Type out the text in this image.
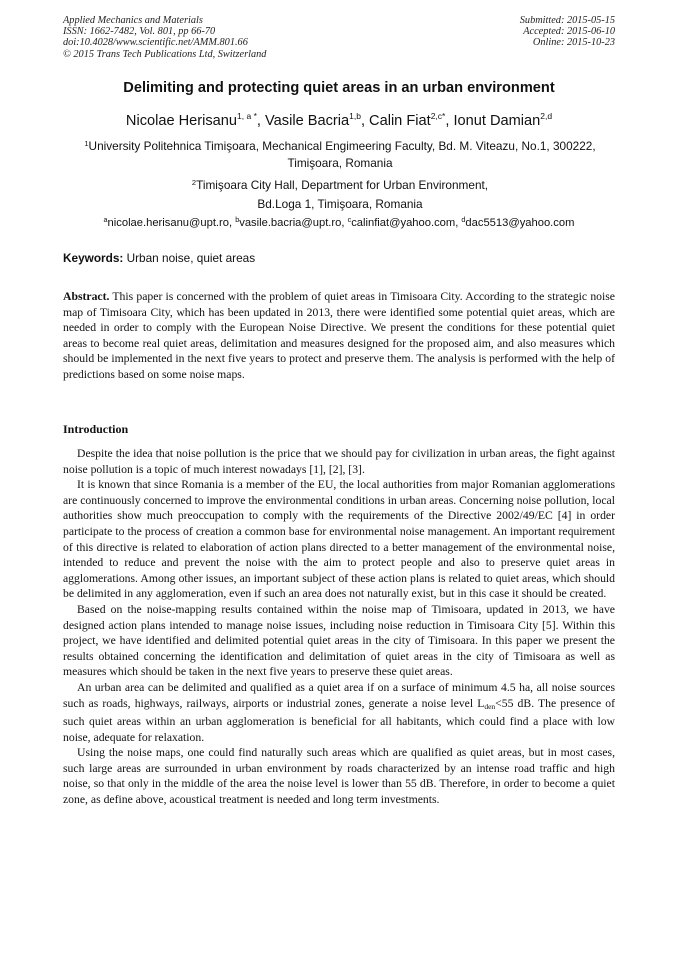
Applied Mechanics and Materials
ISSN: 1662-7482, Vol. 801, pp 66-70
doi:10.4028/www.scientific.net/AMM.801.66
© 2015 Trans Tech Publications Ltd, Switzerland
Submitted: 2015-05-15
Accepted: 2015-06-10
Online: 2015-10-23
Delimiting and protecting quiet areas in an urban environment
Nicolae Herisanu$^{1, a *}$, Vasile Bacria$^{1,b}$, Calin Fiat$^{2,c*}$, Ionut Damian$^{2,d}$
$^1$University Politehnica Timişoara, Mechanical Engimeering Faculty, Bd. M. Viteazu, No.1, 300222, Timişoara, Romania
$^2$Timişoara City Hall, Department for Urban Environment,
Bd.Loga 1, Timişoara, Romania
$^a$nicolae.herisanu@upt.ro, $^b$vasile.bacria@upt.ro, $^c$calinfiat@yahoo.com, $^d$dac5513@yahoo.com
Keywords: Urban noise, quiet areas

Abstract. This paper is concerned with the problem of quiet areas in Timisoara City. According to the strategic noise map of Timisoara City, which has been updated in 2013, there were identified some potential quiet areas, which are needed in order to comply with the European Noise Directive. We present the conditions for these potential quiet areas to become real quiet areas, delimitation and measures designed for the proposed aim, and also measures which should be implemented in the next five years to protect and preserve them. The analysis is performed with the help of predictions based on some noise maps.

Introduction

Despite the idea that noise pollution is the price that we should pay for civilization in urban areas, the fight against noise pollution is a topic of much interest nowadays [1], [2], [3].

It is known that since Romania is a member of the EU, the local authorities from major Romanian agglomerations are continuously concerned to improve the environmental conditions in urban areas. Concerning noise pollution, local authorities show much preoccupation to comply with the requirements of the Directive 2002/49/EC [4] in order participate to the process of creation a common base for environmental noise management. An important requirement of this directive is related to elaboration of action plans directed to a better management of the environmental noise, intended to reduce and prevent the noise with the aim to protect people and also to preserve quiet areas in agglomerations. Among other issues, an important subject of these action plans is related to quiet areas, which should be delimited in any agglomeration, even if such an area does not naturally exist, but in this case it should be created.

Based on the noise-mapping results contained within the noise map of Timisoara, updated in 2013, we have designed action plans intended to manage noise issues, including noise reduction in Timisoara City [5]. Within this project, we have identified and delimited potential quiet areas in the city of Timisoara. In this paper we present the results obtained concerning the identification and delimitation of quiet areas in the city of Timisoara as well as measures which should be taken in the next five years to preserve these quiet areas.

An urban area can be delimited and qualified as a quiet area if on a surface of minimum 4.5 ha, all noise sources such as roads, highways, railways, airports or industrial zones, generate a noise level $L_{den}<55$ dB. The presence of such quiet areas within an urban agglomeration is beneficial for all habitants, which could find a place with low noise, adequate for relaxation.

Using the noise maps, one could find naturally such areas which are qualified as quiet areas, but in most cases, such large areas are surrounded in urban environment by roads characterized by an intense road traffic and high noise, so that only in the middle of the area the noise level is lower than 55 dB. Therefore, in order to become a quiet zone, as define above, acoustical treatment is needed and long term investments.
